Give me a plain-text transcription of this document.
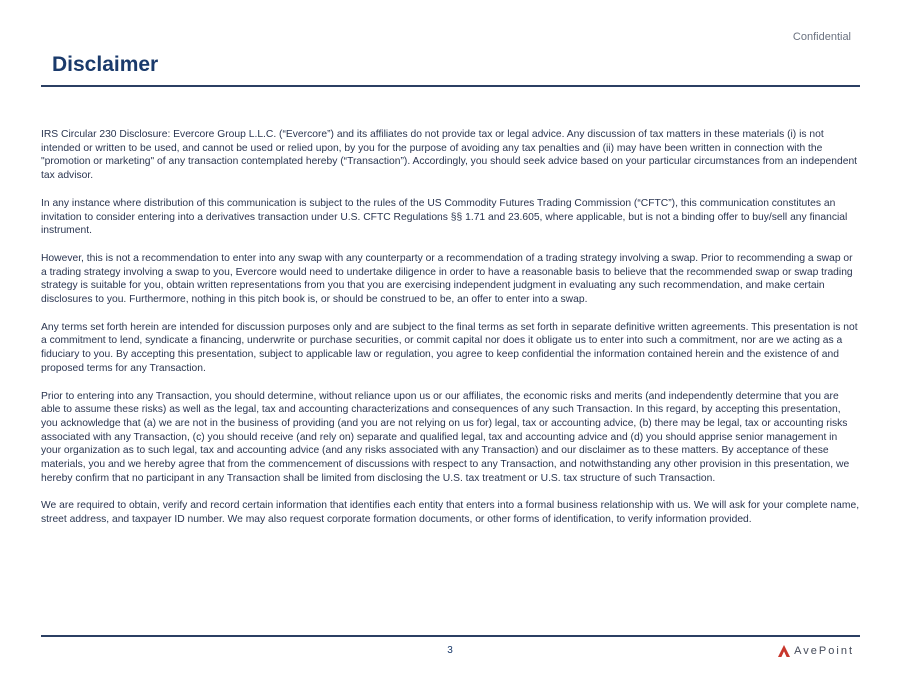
Confidential
Disclaimer

IRS Circular 230 Disclosure: Evercore Group L.L.C. (“Evercore”) and its affiliates do not provide tax or legal advice. Any discussion of tax matters in these materials (i) is not intended or written to be used, and cannot be used or relied upon, by you for the purpose of avoiding any tax penalties and (ii) may have been written in connection with the "promotion or marketing" of any transaction contemplated hereby (“Transaction”). Accordingly, you should seek advice based on your particular circumstances from an independent tax advisor.

In any instance where distribution of this communication is subject to the rules of the US Commodity Futures Trading Commission (“CFTC”), this communication constitutes an invitation to consider entering into a derivatives transaction under U.S. CFTC Regulations §§ 1.71 and 23.605, where applicable, but is not a binding offer to buy/sell any financial instrument.

However, this is not a recommendation to enter into any swap with any counterparty or a recommendation of a trading strategy involving a swap. Prior to recommending a swap or a trading strategy involving a swap to you, Evercore would need to undertake diligence in order to have a reasonable basis to believe that the recommended swap or swap trading strategy is suitable for you, obtain written representations from you that you are exercising independent judgment in evaluating any such recommendation, and make certain disclosures to you. Furthermore, nothing in this pitch book is, or should be construed to be, an offer to enter into a swap.

Any terms set forth herein are intended for discussion purposes only and are subject to the final terms as set forth in separate definitive written agreements. This presentation is not a commitment to lend, syndicate a financing, underwrite or purchase securities, or commit capital nor does it obligate us to enter into such a commitment, nor are we acting as a fiduciary to you. By accepting this presentation, subject to applicable law or regulation, you agree to keep confidential the information contained herein and the existence of and proposed terms for any Transaction.

Prior to entering into any Transaction, you should determine, without reliance upon us or our affiliates, the economic risks and merits (and independently determine that you are able to assume these risks) as well as the legal, tax and accounting characterizations and consequences of any such Transaction. In this regard, by accepting this presentation, you acknowledge that (a) we are not in the business of providing (and you are not relying on us for) legal, tax or accounting advice, (b) there may be legal, tax or accounting risks associated with any Transaction, (c) you should receive (and rely on) separate and qualified legal, tax and accounting advice and (d) you should apprise senior management in your organization as to such legal, tax and accounting advice (and any risks associated with any Transaction) and our disclaimer as to these matters. By acceptance of these materials, you and we hereby agree that from the commencement of discussions with respect to any Transaction, and notwithstanding any other provision in this presentation, we hereby confirm that no participant in any Transaction shall be limited from disclosing the U.S. tax treatment or U.S. tax structure of such Transaction.

We are required to obtain, verify and record certain information that identifies each entity that enters into a formal business relationship with us. We will ask for your complete name, street address, and taxpayer ID number. We may also request corporate formation documents, or other forms of identification, to verify information provided.

3	AvePoint
